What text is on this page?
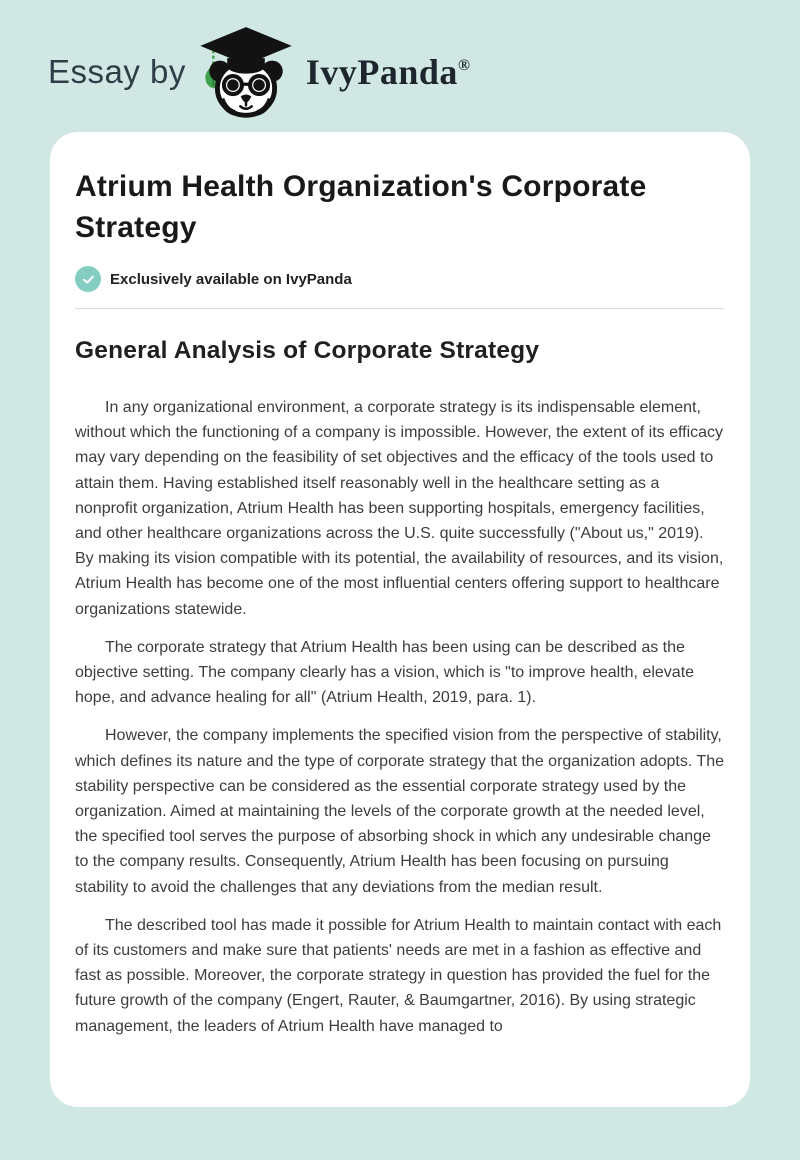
Essay by	IvyPanda®
Atrium Health Organization's Corporate Strategy
Exclusively available on IvyPanda
General Analysis of Corporate Strategy

In any organizational environment, a corporate strategy is its indispensable element, without which the functioning of a company is impossible. However, the extent of its efficacy may vary depending on the feasibility of set objectives and the efficacy of the tools used to attain them. Having established itself reasonably well in the healthcare setting as a nonprofit organization, Atrium Health has been supporting hospitals, emergency facilities, and other healthcare organizations across the U.S. quite successfully ("About us," 2019). By making its vision compatible with its potential, the availability of resources, and its vision, Atrium Health has become one of the most influential centers offering support to healthcare organizations statewide.

The corporate strategy that Atrium Health has been using can be described as the objective setting. The company clearly has a vision, which is "to improve health, elevate hope, and advance healing for all" (Atrium Health, 2019, para. 1).

However, the company implements the specified vision from the perspective of stability, which defines its nature and the type of corporate strategy that the organization adopts. The stability perspective can be considered as the essential corporate strategy used by the organization. Aimed at maintaining the levels of the corporate growth at the needed level, the specified tool serves the purpose of absorbing shock in which any undesirable change to the company results. Consequently, Atrium Health has been focusing on pursuing stability to avoid the challenges that any deviations from the median result.

The described tool has made it possible for Atrium Health to maintain contact with each of its customers and make sure that patients' needs are met in a fashion as effective and fast as possible. Moreover, the corporate strategy in question has provided the fuel for the future growth of the company (Engert, Rauter, & Baumgartner, 2016). By using strategic management, the leaders of Atrium Health have managed to
